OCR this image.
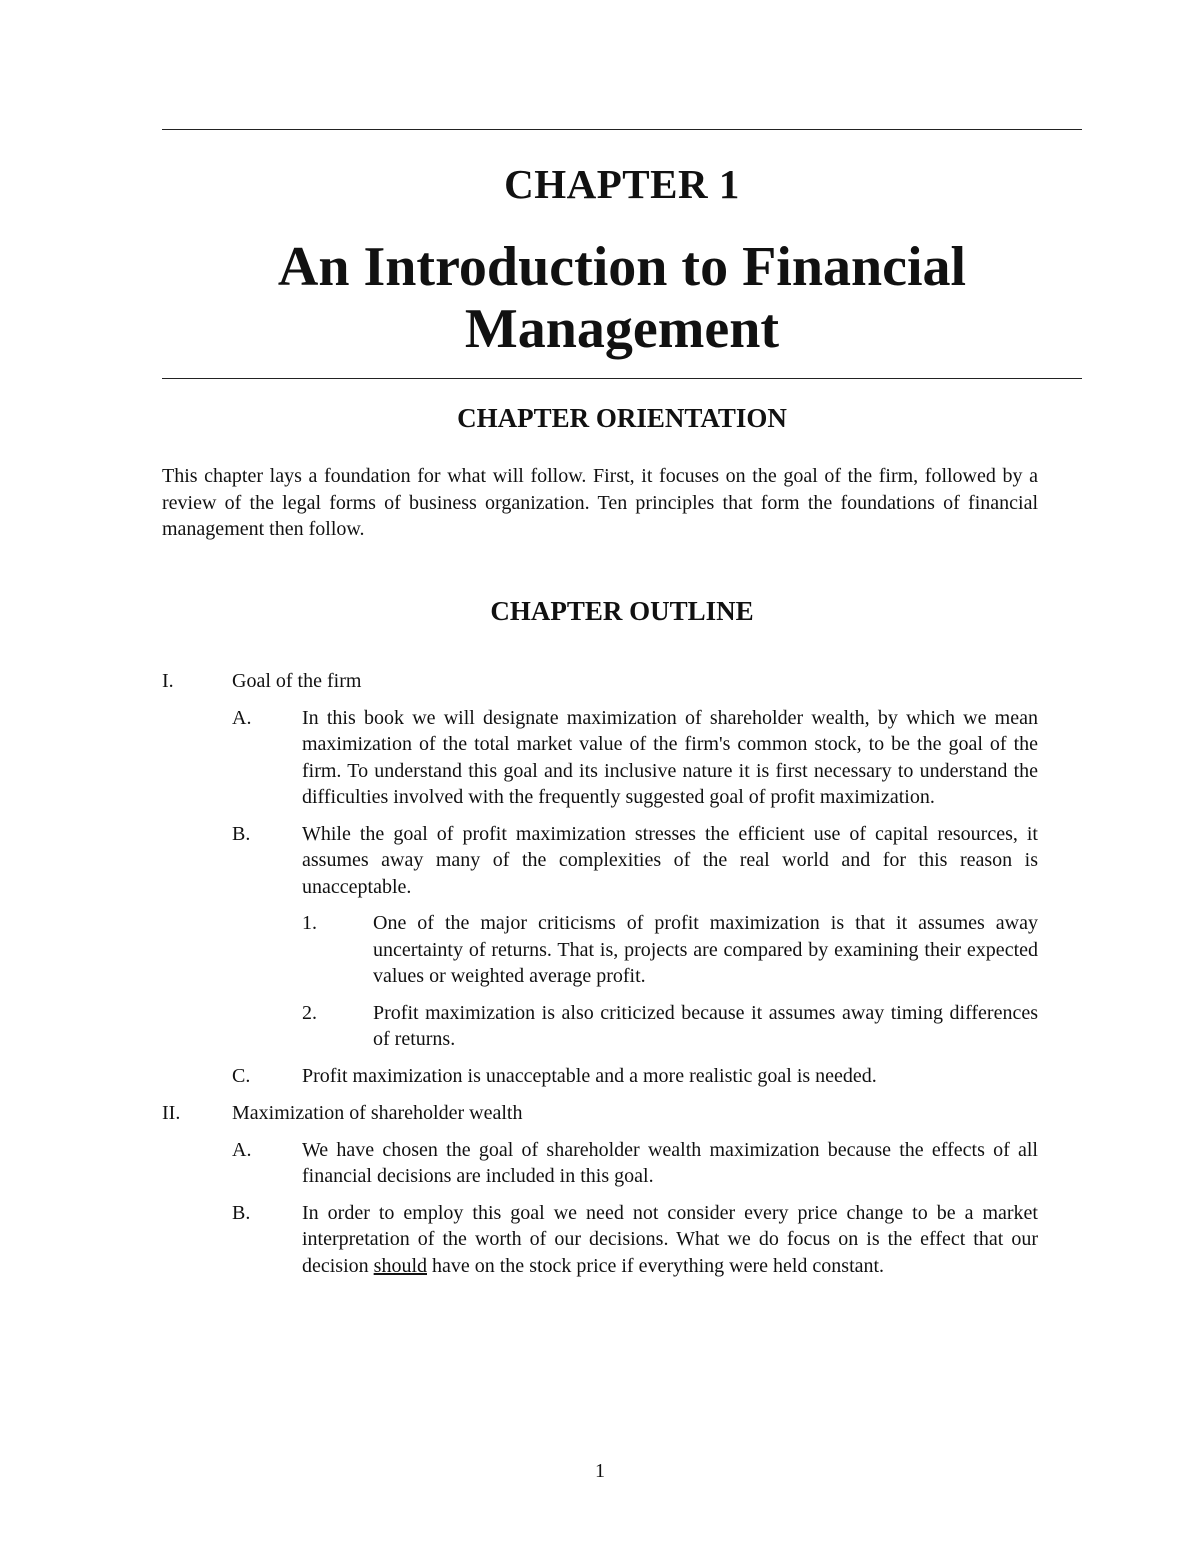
CHAPTER 1
An Introduction to Financial
Management
CHAPTER ORIENTATION
This chapter lays a foundation for what will follow. First, it focuses on the goal of the firm, followed by a review of the legal forms of business organization. Ten principles that form the foundations of financial management then follow.
CHAPTER OUTLINE
I.	Goal of the firm
A.	In this book we will designate maximization of shareholder wealth, by which we mean maximization of the total market value of the firm's common stock, to be the goal of the firm. To understand this goal and its inclusive nature it is first necessary to understand the difficulties involved with the frequently suggested goal of profit maximization.
B.	While the goal of profit maximization stresses the efficient use of capital resources, it assumes away many of the complexities of the real world and for this reason is unacceptable.
1.	One of the major criticisms of profit maximization is that it assumes away uncertainty of returns. That is, projects are compared by examining their expected values or weighted average profit.
2.	Profit maximization is also criticized because it assumes away timing differences of returns.
C.	Profit maximization is unacceptable and a more realistic goal is needed.
II.	Maximization of shareholder wealth
A.	We have chosen the goal of shareholder wealth maximization because the effects of all financial decisions are included in this goal.
B.	In order to employ this goal we need not consider every price change to be a market interpretation of the worth of our decisions. What we do focus on is the effect that our decision should have on the stock price if everything were held constant.
1
